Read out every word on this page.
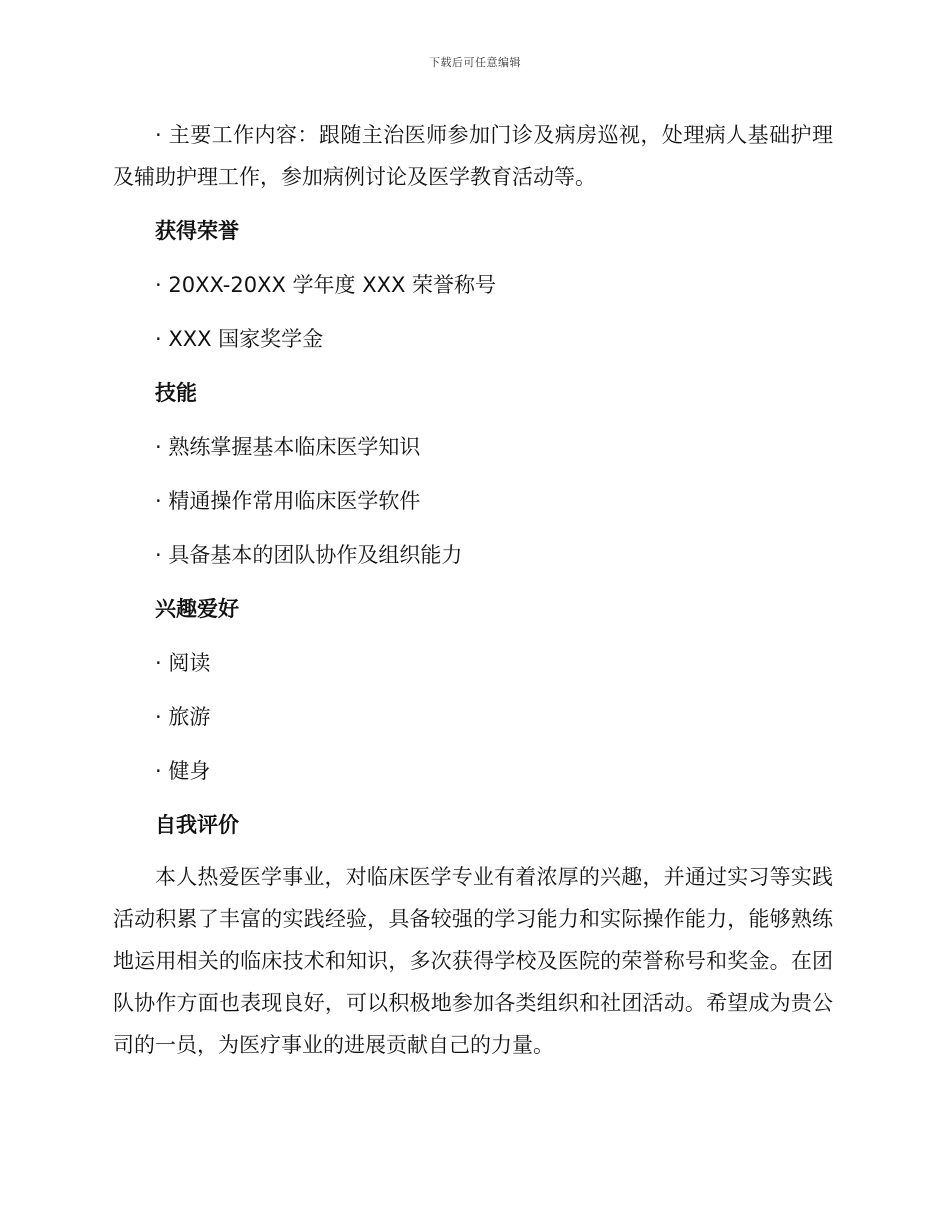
下载后可任意编辑

· 主要工作内容：跟随主治医师参加门诊及病房巡视，处理病人基础护理及辅助护理工作，参加病例讨论及医学教育活动等。

获得荣誉

· 20XX-20XX 学年度 XXX 荣誉称号

· XXX 国家奖学金

技能

· 熟练掌握基本临床医学知识

· 精通操作常用临床医学软件

· 具备基本的团队协作及组织能力

兴趣爱好

· 阅读

· 旅游

· 健身

自我评价

本人热爱医学事业，对临床医学专业有着浓厚的兴趣，并通过实习等实践活动积累了丰富的实践经验，具备较强的学习能力和实际操作能力，能够熟练地运用相关的临床技术和知识，多次获得学校及医院的荣誉称号和奖金。在团队协作方面也表现良好，可以积极地参加各类组织和社团活动。希望成为贵公司的一员，为医疗事业的进展贡献自己的力量。
